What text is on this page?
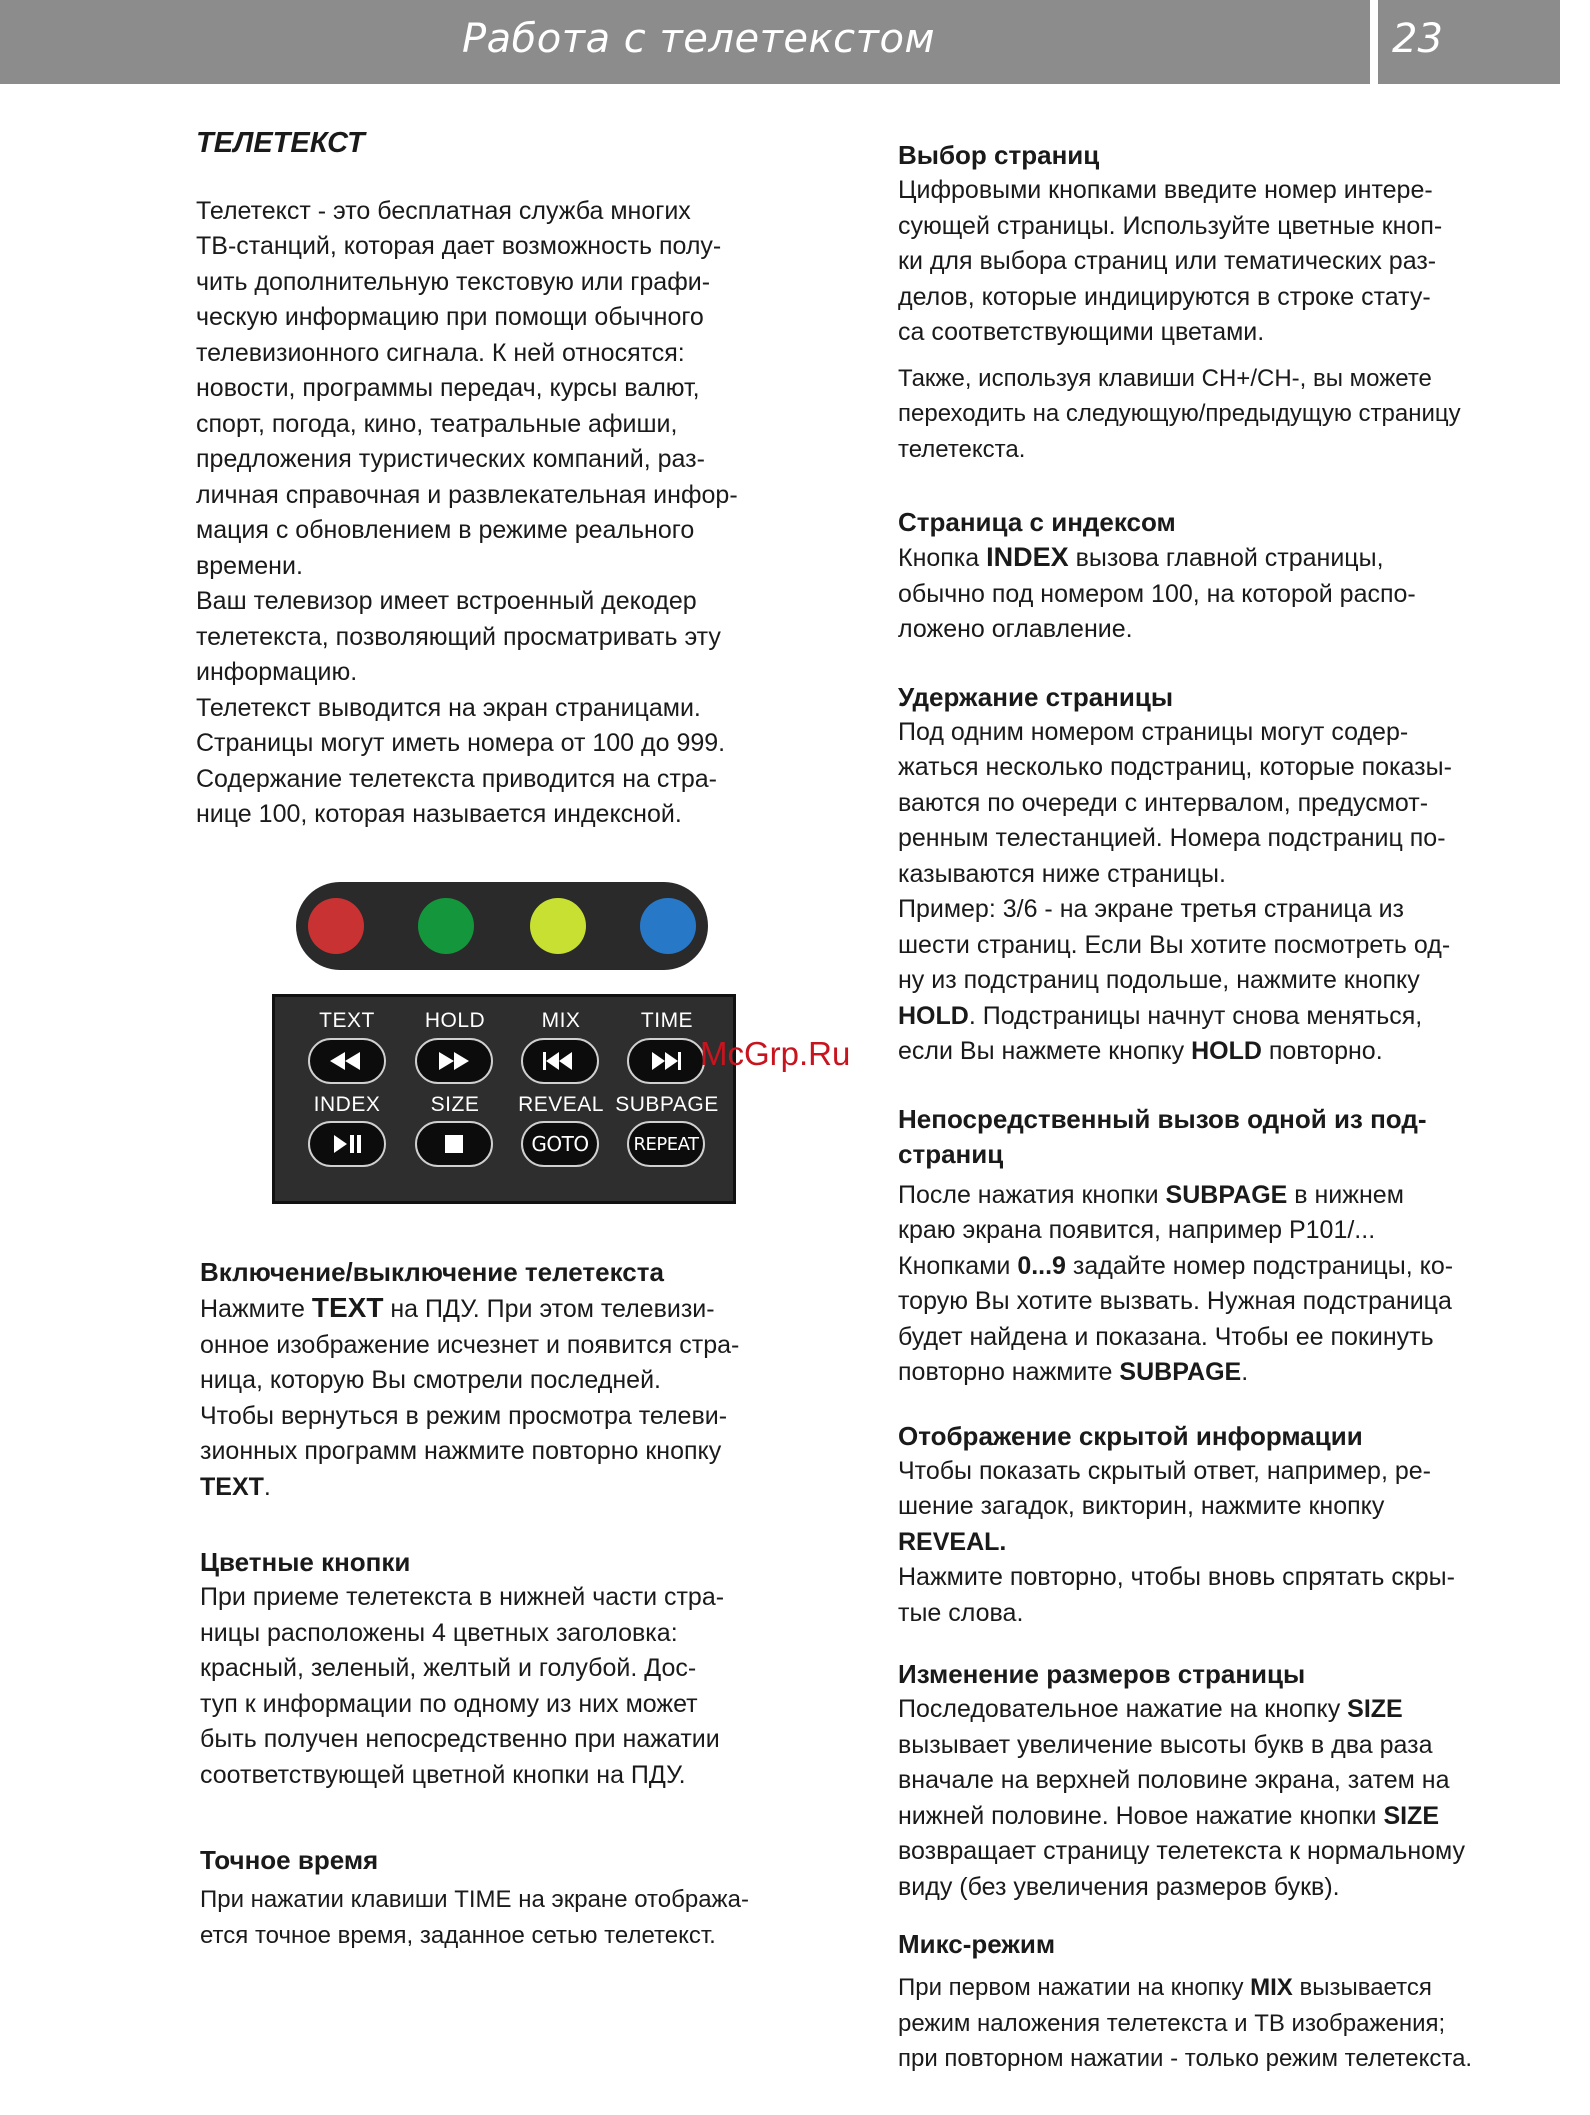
Работа с телетекстом	23
ТЕЛЕТЕКСТ

Телетекст - это бесплатная служба многих

ТВ-станций, которая дает возможность полу-

чить дополнительную текстовую или графи-

ческую информацию при помощи обычного

телевизионного сигнала. К ней относятся:

новости, программы передач, курсы валют,

спорт, погода, кино, театральные афиши,

предложения туристических компаний, раз-

личная справочная и развлекательная инфор-

мация с обновлением в режиме реального

времени.

Ваш телевизор имеет встроенный декодер

телетекста, позволяющий просматривать эту

информацию.

Телетекст выводится на экран страницами.

Страницы могут иметь номера от 100 до 999.

Содержание телетекста приводится на стра-

нице 100, которая называется индексной.

TEXT	HOLD	MIX	TIME
INDEX	SIZE	REVEAL SUBPAGE
GOTO	REPEAT
McGrp.Ru

Включение/выключение телетекста

Нажмите TEXT на ПДУ. При этом телевизи-

онное изображение исчезнет и появится стра-

ница, которую Вы смотрели последней.

Чтобы вернуться в режим просмотра телеви-

зионных программ нажмите повторно кнопку

TEXT.

Цветные кнопки

При приеме телетекста в нижней части стра-

ницы расположены 4 цветных заголовка:

красный, зеленый, желтый и голубой. Дос-

туп к информации по одному из них может

быть получен непосредственно при нажатии

соответствующей цветной кнопки на ПДУ.

Точное время

При нажатии клавиши TIME на экране отобража-

ется точное время, заданное сетью телетекст.

Выбор страниц

Цифровыми кнопками введите номер интере-

сующей страницы. Используйте цветные кноп-

ки для выбора страниц или тематических раз-

делов, которые индицируются в строке стату-

са соответствующими цветами.

Также, используя клавиши CH+/CH-, вы можете

переходить на следующую/предыдущую страницу

телетекста.

Страница с индексом

Кнопка INDEX вызова главной страницы,

обычно под номером 100, на которой распо-

ложено оглавление.

Удержание страницы

Под одним номером страницы могут содер-

жаться несколько подстраниц, которые показы-

ваются по очереди с интервалом, предусмот-

ренным телестанцией. Номера подстраниц по-

казываются ниже страницы.

Пример: 3/6 - на экране третья страница из

шести страниц. Если Вы хотите посмотреть од-

ну из подстраниц подольше, нажмите кнопку

HOLD. Подстраницы начнут снова меняться,

если Вы нажмете кнопку HOLD повторно.

Непосредственный вызов одной из под-

страниц

После нажатия кнопки SUBPAGE в нижнем

краю экрана появится, например P101/...

Кнопками 0...9 задайте номер подстраницы, ко-

торую Вы хотите вызвать. Нужная подстраница

будет найдена и показана. Чтобы ее покинуть

повторно нажмите SUBPAGE.

Отображение скрытой информации

Чтобы показать скрытый ответ, например, ре-

шение загадок, викторин, нажмите кнопку

REVEAL.

Нажмите повторно, чтобы вновь спрятать скры-

тые слова.

Изменение размеров страницы

Последовательное нажатие на кнопку SIZE

вызывает увеличение высоты букв в два раза

вначале на верхней половине экрана, затем на

нижней половине. Новое нажатие кнопки SIZE

возвращает страницу телетекста к нормальному

виду (без увеличения размеров букв).

Микс-режим

При первом нажатии на кнопку MIX вызывается

режим наложения телетекста и ТВ изображения;

при повторном нажатии - только режим телетекста.
